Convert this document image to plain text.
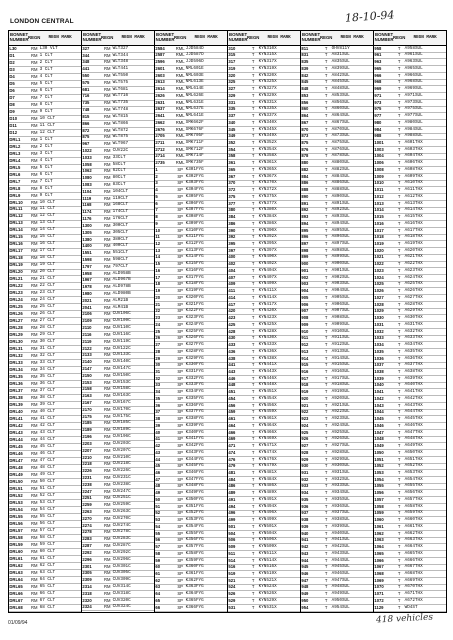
LONDON CENTRAL	18-10-94
BONNET NUMBER REGN	REGN MARK
L30	RM L30 VLT
D1	RM 1 CLT
D2	RM 2 CLT
D3	RM 3 CLT
D4	RM 4 CLT
D5	RM 5 CLT
D6	RM 6 CLT
D7	RM 7 CLT
D8	RM 8 CLT
D9	RM 9 CLT
D10	RM 10 CLT
D11	RM 11 CLT
D12	RM 12 CLT
DRL1	RM 1 CLT
DRL2	RM 2 CLT
DRL3	RM 3 CLT
DRL4	RM 4 CLT
DRL5	RM 5 CLT
DRL6	RM 6 CLT
DRL7	RM 7 CLT
DRL8	RM 8 CLT
DRL9	RM 9 CLT
DRL10	RM 10 CLT
DRL11	RM 11 CLT
DRL12	RM 12 CLT
DRL13	RM 13 CLT
DRL14	RM 14 CLT
DRL15	RM 15 CLT
DRL16	RM 16 CLT
DRL17	RM 17 CLT
DRL18	RM 18 CLT
DRL19	RM 19 CLT
DRL20	RM 20 CLT
DRL21	RM 21 CLT
DRL22	RM 22 CLT
DRL23	RM 23 CLT
DRL24	RM 24 CLT
DRL25	RM 25 CLT
DRL26	RM 26 CLT
DRL27	RM 27 CLT
DRL28	RM 28 CLT
DRL29	RM 29 CLT
DRL30	RM 30 CLT
DRL31	RM 31 CLT
DRL32	RM 32 CLT
DRL33	RM 33 CLT
DRL34	RM 34 CLT
DRL35	RM 35 CLT
DRL36	RM 36 CLT
DRL37	RM 37 CLT
DRL38	RM 38 CLT
DRL39	RM 39 CLT
DRL40	RM 40 CLT
DRL41	RM 41 CLT
DRL42	RM 42 CLT
DRL43	RM 43 CLT
DRL44	RM 44 CLT
DRL45	RM 45 CLT
DRL46	RM 46 CLT
DRL47	RM 47 CLT
DRL48	RM 48 CLT
DRL49	RM 49 CLT
DRL50	RM 50 CLT
DRL51	RM 51 CLT
DRL52	RM 52 CLT
DRL53	RM 53 CLT
DRL54	RM 54 CLT
DRL55	RM 55 CLT
DRL56	RM 56 CLT
DRL57	RM 57 CLT
DRL58	RM 58 CLT
DRL59	RM 59 CLT
DRL60	RM 60 CLT
DRL61	RM 61 CLT
DRL62	RM 62 CLT
DRL63	RM 63 CLT
DRL64	RM 64 CLT
DRL65	RM 65 CLT
DRL66	RM 66 CLT
DRL67	RM 67 CLT
DRL68	RM 68 CLT
BONNET NUMBER REGN	REGN MARK
327	RM WLT327
344	RM WLT344
348	RM WLT348
441	RM WLT441
550	RM WLT550
575	RM WLT575
681	RM WLT681
716	RM WLT716
735	RM WLT735
748	RM WLT748
815	RM WLT815
866	RM WLT866
872	RM WLT872
875	RM WLT875
967	RM WLT967
1022	RM CUV22C
1033	RM 33CLT
1058	RM 58CLT
1062	RM 62CLT
1080	RM 80CLT
1083	RM 83CLT
1104	RM 104CLT
1119	RM 119CLT
1168	RM 168CLT
1174	RM 174CLT
1176	RM 176CLT
1300	RM 300CLT
1305	RM 305CLT
1380	RM 380CLT
1400	RM 400CLT
1551	RM 551CLT
1598	RM 598CLT
1797	RM 797CLT
1958	RM ALD958B
1967	RM ALD967B
1978	RM ALD978B
1980	RM ALD980B
2021	RM ALM21B
2041	RM ALM41B
2106	RM CUV106C
2109	RM CUV109C
2110	RM CUV110C
2116	RM CUV116C
2119	RM CUV119C
2122	RM CUV122C
2133	RM CUV133C
2140	RM CUV140C
2147	RM CUV147C
2150	RM CUV150C
2153	RM CUV153C
2158	RM CUV158C
2163	RM CUV163C
2167	RM CUV167C
2170	RM CUV170C
2175	RM CUV175C
2185	RM CUV185C
2189	RM CUV189C
2196	RM CUV196C
2203	RM CUV203C
2207	RM CUV207C
2210	RM CUV210C
2218	RM CUV218C
2226	RM CUV226C
2231	RM CUV231C
2238	RM CUV238C
2247	RM CUV247C
2251	RM CUV251C
2259	RM CUV259C
2263	RM CUV263C
2270	RM CUV270C
2274	RM CUV274C
2278	RM CUV278C
2283	RM CUV283C
2287	RM CUV287C
2292	RM CUV292C
2296	RM CUV296C
2301	RM CUV301C
2305	RM CUV305C
2309	RM CUV309C
2314	RM CUV314C
2318	RM CUV318C
2320	RM CUV320C
2324	RM CUV324C
BONNET NUMBER REGN	REGN MARK
2584	RML JJD584D
2587	RML JJD587D
2596	RML JJD596D
2601	RML NML601E
2603	RML NML603E
2613	RML NML613E
2614	RML NML614E
2626	RML NML626E
2631	RML NML631E
2637	RML NML637E
2641	RML NML641E
2662	RML SMK662F
2676	RML SMK676F
2705	RML SMK705F
2711	RML SMK711F
2712	RML SMK712F
2714	RML SMK714F
2735	RML SMK735F
1	SP K301FYG
2	SP K302FYG
3	SP K303FYG
4	SP K304FYG
5	SP K305FYG
6	SP K306FYG
7	SP K307FYG
8	SP K308FYG
9	SP K309FYG
10	SP K310FYG
11	SP K311FYG
12	SP K312FYG
13	SP K313FYG
14	SP K314FYG
15	SP K315FYG
16	SP K316FYG
17	SP K317FYG
18	SP K318FYG
19	SP K319FYG
20	SP K320FYG
21	SP K321FYG
22	SP K322FYG
23	SP K323FYG
24	SP K324FYG
25	SP K325FYG
26	SP K326FYG
27	SP K327FYG
28	SP K328FYG
29	SP K329FYG
30	SP K330FYG
31	SP K331FYG
32	SP K332FYG
33	SP K333FYG
34	SP K334FYG
35	SP K335FYG
36	SP K336FYG
37	SP K337FYG
38	SP K338FYG
39	SP K339FYG
40	SP K340FYG
41	SP K341FYG
42	SP K342FYG
43	SP K343FYG
44	SP K344FYG
45	SP K345FYG
46	SP K346FYG
47	SP K347FYG
48	SP K348FYG
49	SP K349FYG
50	SP K350FYG
51	SP K351FYG
52	SP K352FYG
53	SP K353FYG
54	SP K354FYG
55	SP K355FYG
56	SP K356FYG
57	SP K357FYG
58	SP K358FYG
59	SP K359FYG
60	SP K360FYG
61	SP K361FYG
62	SP K362FYG
63	SP K363FYG
64	SP K364FYG
65	SP K365FYG
66	SP K366FYG
BONNET NUMBER REGN	REGN MARK
310	T KYN310X
315	T KYN315X
317	T KYN317X
319	T KYN319X
320	T KYN320X
325	T KYN325X
327	T KYN327X
329	T KYN329X
331	T KYN331X
335	T KYN335X
337	T KYN337X
340	T KYN340X
345	T KYN345X
349	T KYN349X
352	T KYN352X
354	T KYN354X
358	T KYN358X
361	T KYN361X
365	T KYN365X
367	T KYN367X
370	T KYN370X
372	T KYN372X
375	T KYN375X
377	T KYN377X
380	T KYN380X
384	T KYN384X
386	T KYN386X
390	T KYN390X
392	T KYN392X
395	T KYN395X
397	T KYN397X
400	T KYN400X
402	T KYN402X
404	T KYN404X
407	T KYN407X
409	T KYN409X
411	T KYN411X
414	T KYN414X
417	T KYN417X
420	T KYN420X
423	T KYN423X
425	T KYN425X
428	T KYN428X
430	T KYN430X
433	T KYN433X
436	T KYN436X
438	T KYN438X
441	T KYN441X
443	T KYN443X
446	T KYN446X
448	T KYN448X
451	T KYN451X
454	T KYN454X
456	T KYN456X
459	T KYN459X
461	T KYN461X
464	T KYN464X
466	T KYN466X
469	T KYN469X
471	T KYN471X
474	T KYN474X
476	T KYN476X
479	T KYN479X
481	T KYN481X
484	T KYN484X
486	T KYN486X
489	T KYN489X
491	T KYN491X
494	T KYN494X
496	T KYN496X
499	T KYN499X
501	T KYN501X
504	T KYN504X
506	T KYN506X
509	T KYN509X
511	T KYN511X
514	T KYN514X
516	T KYN516X
519	T KYN519X
521	T KYN521X
524	T KYN524X
526	T KYN526X
529	T KYN529X
531	T KYN531X
BONNET NUMBER REGN	REGN MARK
811	T OHV811Y
831	T A831SUL
835	T A835SUL
839	T A839SUL
842	T A842SUL
845	T A845SUL
848	T A848SUL
853	T A853SUL
856	T A856SUL
860	T A860SUL
864	T A864SUL
867	T A867SUL
870	T A870SUL
873	T A873SUL
875	T A875SUL
876	T A876SUL
878	T A878SUL
880	T A880SUL
882	T A882SUL
884	T A884SUL
886	T A886SUL
888	T A888SUL
890	T A890SUL
891	T A891SUL
892	T A892SUL
893	T A893SUL
894	T A894SUL
895	T A895SUL
896	T A896SUL
897	T A897SUL
898	T A898SUL
899	T A899SUL
900	T A900SUL
901	T A901SUL
902	T A902SUL
903	T A903SUL
904	T A904SUL
905	T A905SUL
906	T A906SUL
907	T A907SUL
908	T A908SUL
909	T A909SUL
910	T A910SUL
911	T A911SUL
912	T A912SUL
913	T A913SUL
914	T A914SUL
915	T A915SUL
916	T A916SUL
917	T A917SUL
918	T A918SUL
919	T A919SUL
920	T A920SUL
921	T A921SUL
922	T A922SUL
923	T A923SUL
924	T A924SUL
925	T A925SUL
926	T A926SUL
927	T A927SUL
928	T A928SUL
929	T A929SUL
930	T A930SUL
931	T A931SUL
932	T A932SUL
933	T A933SUL
934	T A934SUL
935	T A935SUL
936	T A936SUL
937	T A937SUL
938	T A938SUL
939	T A939SUL
940	T A940SUL
941	T A941SUL
942	T A942SUL
943	T A943SUL
944	T A944SUL
945	T A945SUL
946	T A946SUL
947	T A947SUL
948	T A948SUL
949	T A949SUL
950	T A950SUL
954	T A954SUL
BONNET NUMBER REGN	REGN MARK
958	T A958SUL
961	T A961SUL
963	T A963SUL
965	T A965SUL
966	T A966SUL
968	T A968SUL
969	T A969SUL
971	T A971SUL
973	T A973SUL
975	T A975SUL
977	T A977SUL
980	T A980SUL
984	T A984SUL
988	T A988SUL
1001	T A601THX
1003	T A603THX
1004	T A604THX
1006	T A606THX
1008	T A608THX
1009	T A609THX
1010	T A610THX
1011	T A611THX
1012	T A612THX
1013	T A613THX
1014	T A614THX
1015	T A615THX
1016	T A616THX
1017	T A617THX
1018	T A618THX
1019	T A619THX
1020	T A620THX
1021	T A621THX
1022	T A622THX
1023	T A623THX
1024	T A624THX
1025	T A625THX
1026	T A626THX
1027	T A627THX
1028	T A628THX
1029	T A629THX
1030	T A630THX
1031	T A631THX
1032	T A632THX
1033	T A633THX
1034	T A634THX
1035	T A635THX
1036	T A636THX
1037	T A637THX
1038	T A638THX
1039	T A639THX
1040	T A640THX
1041	T A641THX
1042	T A642THX
1043	T A643THX
1044	T A644THX
1045	T A645THX
1046	T A646THX
1047	T A647THX
1048	T A648THX
1049	T A649THX
1050	T A650THX
1051	T A651THX
1052	T A652THX
1053	T A653THX
1054	T A654THX
1055	T A655THX
1056	T A656THX
1057	T A657THX
1058	T A658THX
1059	T A659THX
1060	T A660THX
1061	T A661THX
1062	T A662THX
1063	T A663THX
1064	T A664THX
1065	T A665THX
1066	T A666THX
1067	T A667THX
1068	T A668THX
1069	T A669THX
1070	T A670THX
1071	T A671THX
1072	T A672THX
1129	T WD4ST
01/09/94	418 vehicles
